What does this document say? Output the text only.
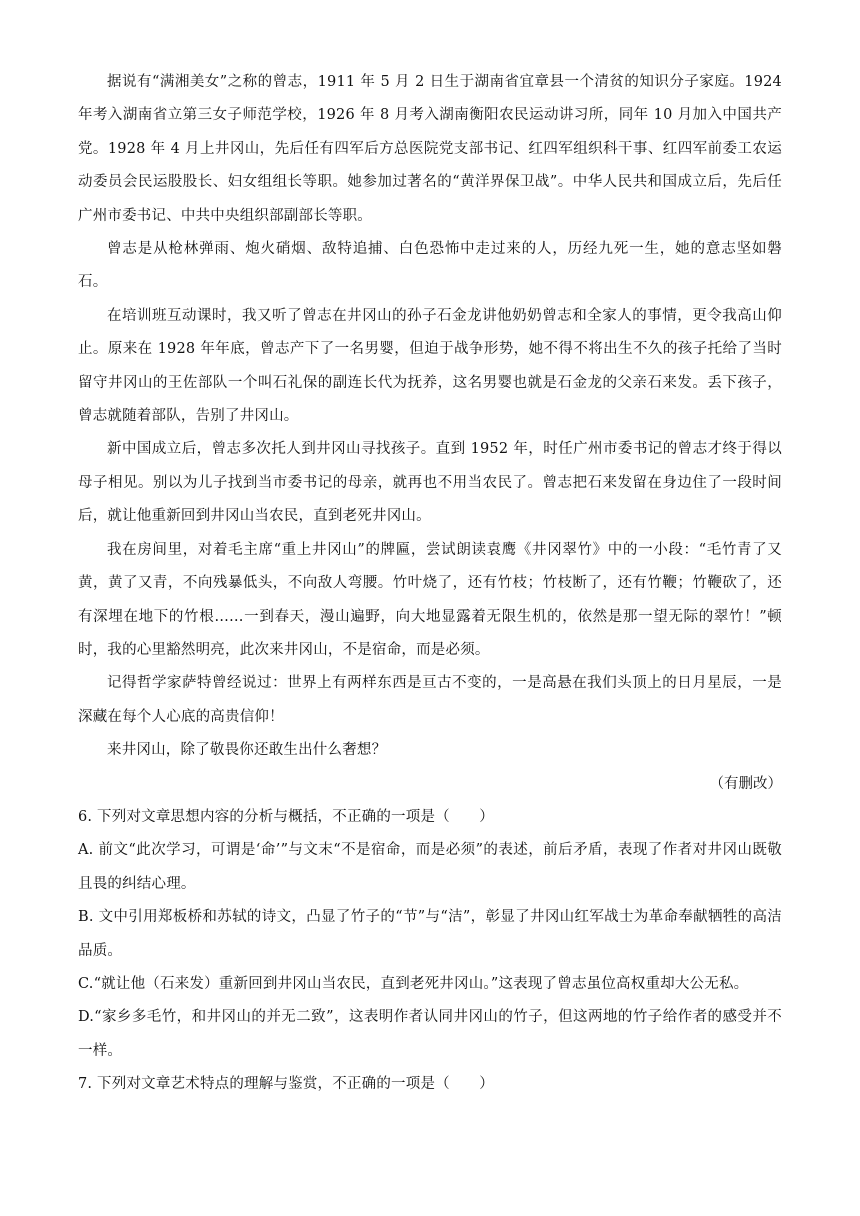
据说有“满湘美女”之称的曾志，1911 年 5 月 2 日生于湖南省宜章县一个清贫的知识分子家庭。1924 年考入湖南省立第三女子师范学校，1926 年 8 月考入湖南衡阳农民运动讲习所，同年 10 月加入中国共产党。1928 年 4 月上井冈山，先后任有四军后方总医院党支部书记、红四军组织科干事、红四军前委工农运动委员会民运股股长、妇女组组长等职。她参加过著名的“黄洋界保卫战”。中华人民共和国成立后，先后任广州市委书记、中共中央组织部副部长等职。

曾志是从枪林弹雨、炮火硝烟、敌特追捕、白色恐怖中走过来的人，历经九死一生，她的意志坚如磐石。

在培训班互动课时，我又听了曾志在井冈山的孙子石金龙讲他奶奶曾志和全家人的事情，更令我高山仰止。原来在 1928 年年底，曾志产下了一名男婴，但迫于战争形势，她不得不将出生不久的孩子托给了当时留守井冈山的王佐部队一个叫石礼保的副连长代为抚养，这名男婴也就是石金龙的父亲石来发。丢下孩子，曾志就随着部队，告别了井冈山。

新中国成立后，曾志多次托人到井冈山寻找孩子。直到 1952 年，时任广州市委书记的曾志才终于得以母子相见。别以为儿子找到当市委书记的母亲，就再也不用当农民了。曾志把石来发留在身边住了一段时间后，就让他重新回到井冈山当农民，直到老死井冈山。

我在房间里，对着毛主席“重上井冈山”的牌匾，尝试朗读袁鹰《井冈翠竹》中的一小段：“毛竹青了又黄，黄了又青，不向残暴低头，不向敌人弯腰。竹叶烧了，还有竹枝；竹枝断了，还有竹鞭；竹鞭砍了，还有深埋在地下的竹根……一到春天，漫山遍野，向大地显露着无限生机的，依然是那一望无际的翠竹！”顿时，我的心里豁然明亮，此次来井冈山，不是宿命，而是必须。

记得哲学家萨特曾经说过：世界上有两样东西是亘古不变的，一是高悬在我们头顶上的日月星辰，一是深藏在每个人心底的高贵信仰！

来井冈山，除了敬畏你还敢生出什么奢想？

（有删改）

6. 下列对文章思想内容的分析与概括，不正确的一项是（　　）

A. 前文“此次学习，可谓是‘命’”与文末“不是宿命，而是必须”的表述，前后矛盾，表现了作者对井冈山既敬且畏的纠结心理。

B. 文中引用郑板桥和苏轼的诗文，凸显了竹子的“节”与“洁”，彰显了井冈山红军战士为革命奉献牺牲的高洁品质。

C.“就让他（石来发）重新回到井冈山当农民，直到老死井冈山。”这表现了曾志虽位高权重却大公无私。

D.“家乡多毛竹，和井冈山的并无二致”，这表明作者认同井冈山的竹子，但这两地的竹子给作者的感受并不一样。

7. 下列对文章艺术特点的理解与鉴赏，不正确的一项是（　　）
